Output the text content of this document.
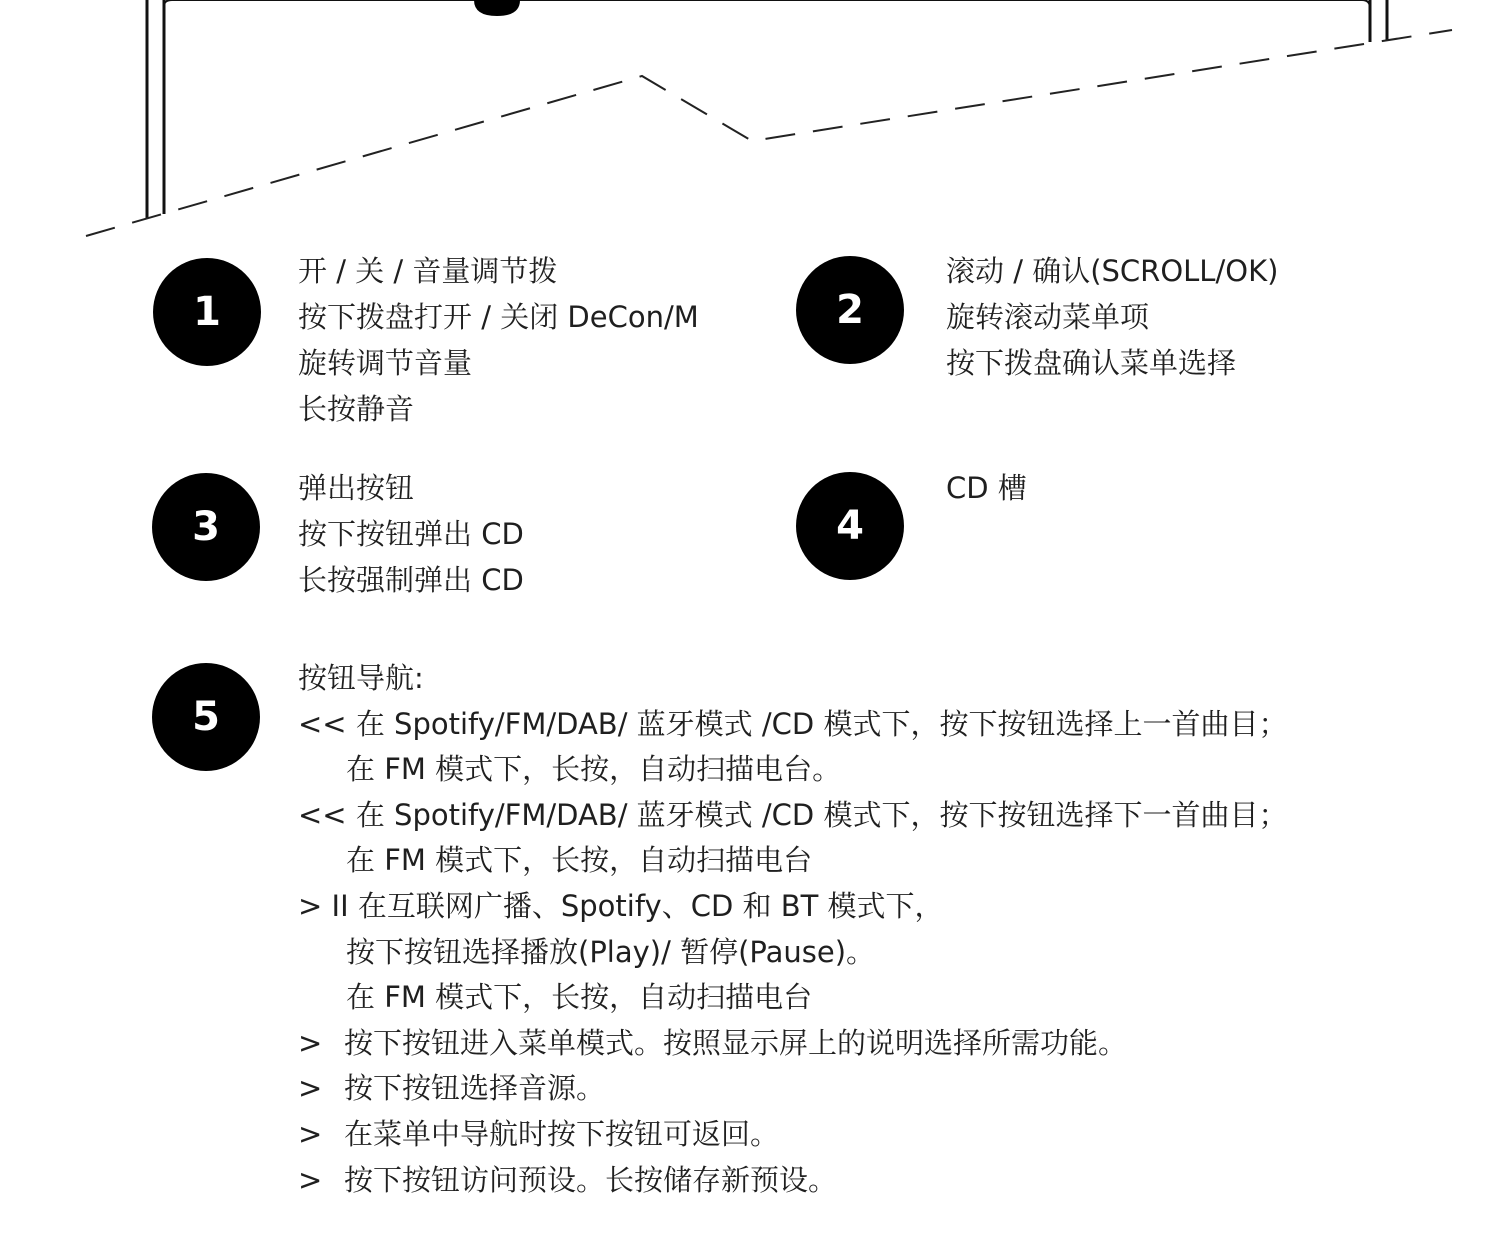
1
开 / 关 / 音量调节拨
按下拨盘打开 / 关闭 DeCon/M
旋转调节音量
长按静音
2
滚动 / 确认(SCROLL/OK)
旋转滚动菜单项
按下拨盘确认菜单选择
3
弹出按钮
按下按钮弹出 CD
长按强制弹出 CD
4
CD 槽
5
按钮导航:
<< 在 Spotify/FM/DAB/ 蓝牙模式 /CD 模式下，按下按钮选择上一首曲目；
在 FM 模式下，长按，自动扫描电台。
<< 在 Spotify/FM/DAB/ 蓝牙模式 /CD 模式下，按下按钮选择下一首曲目；
在 FM 模式下，长按，自动扫描电台
> II 在互联网广播、Spotify、CD 和 BT 模式下，
按下按钮选择播放(Play)/ 暂停(Pause)。
在 FM 模式下，长按，自动扫描电台
> 按下按钮进入菜单模式。按照显示屏上的说明选择所需功能。
> 按下按钮选择音源。
> 在菜单中导航时按下按钮可返回。
> 按下按钮访问预设。长按储存新预设。
